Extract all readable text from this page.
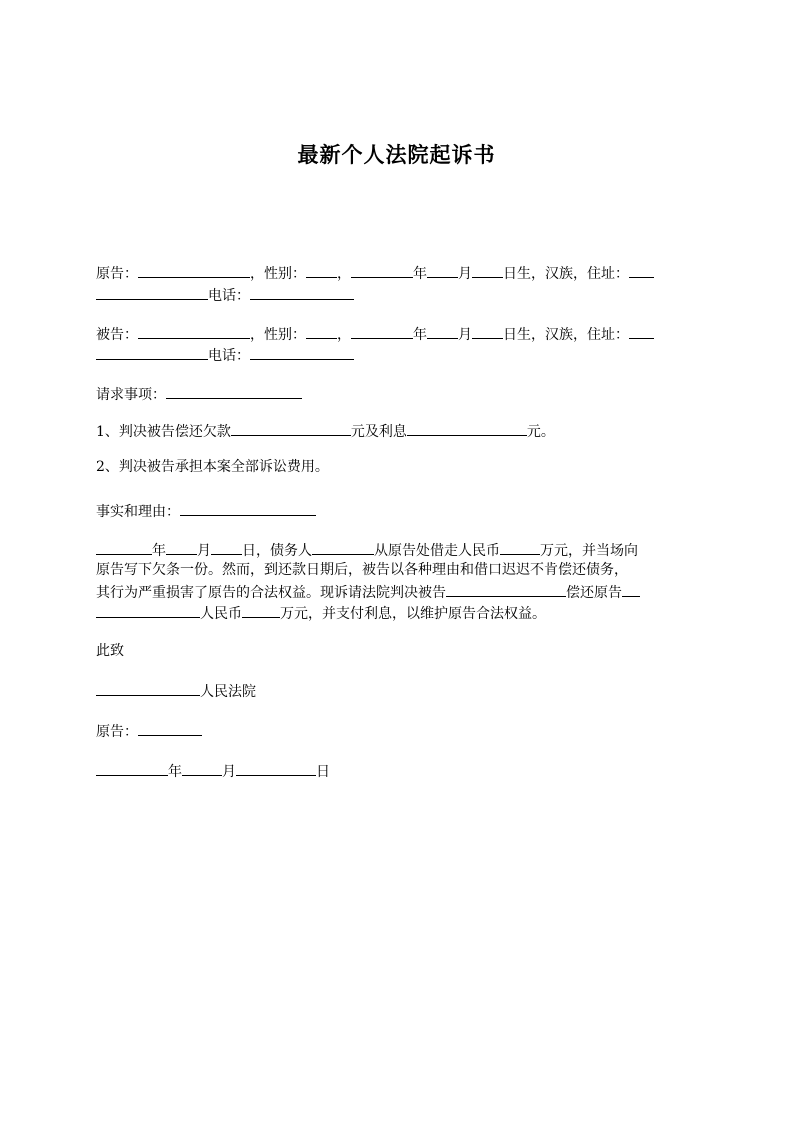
最新个人法院起诉书
原告：	，性别： ，	年 月 日生，汉族，住址：
电话：
被告：	，性别： ，	年 月 日生，汉族，住址：
电话：
请求事项：
1、判决被告偿还欠款	元及利息	元。
2、判决被告承担本案全部诉讼费用。
事实和理由：
年 月 日，债务人	从原告处借走人民币	万元，并当场向
原告写下欠条一份。然而，到还款日期后，被告以各种理由和借口迟迟不肯偿还债务，
其行为严重损害了原告的合法权益。现诉请法院判决被告	偿还原告
人民币	万元，并支付利息，以维护原告合法权益。
此致
人民法院
原告：
年	月	日
